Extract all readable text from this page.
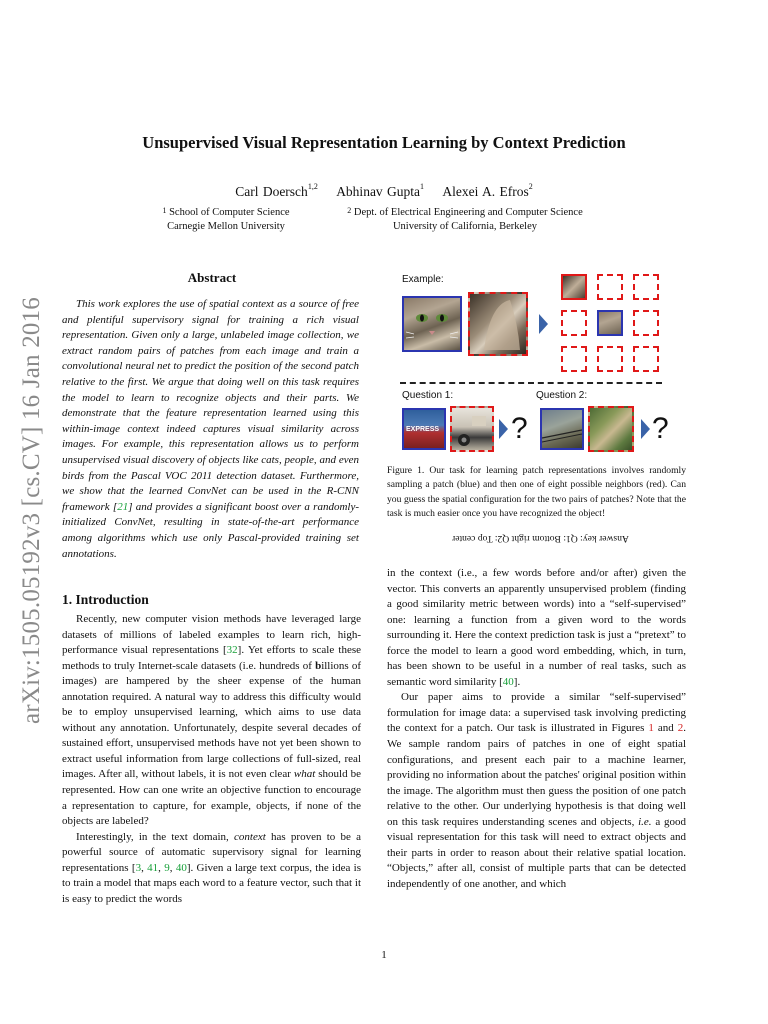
arXiv:1505.05192v3 [cs.CV] 16 Jan 2016
Unsupervised Visual Representation Learning by Context Prediction
Carl Doersch$^{1,2}$ Abhinav Gupta$^1$ Alexei A. Efros$^2$
$^1$ School of Computer Science
Carnegie Mellon University
$^2$ Dept. of Electrical Engineering and Computer Science
University of California, Berkeley
Abstract

This work explores the use of spatial context as a source of free and plentiful supervisory signal for training a rich visual representation. Given only a large, unlabeled image collection, we extract random pairs of patches from each image and train a convolutional neural net to predict the position of the second patch relative to the first. We argue that doing well on this task requires the model to learn to recognize objects and their parts. We demonstrate that the feature representation learned using this within-image context indeed captures visual similarity across images. For example, this representation allows us to perform unsupervised visual discovery of objects like cats, people, and even birds from the Pascal VOC 2011 detection dataset. Furthermore, we show that the learned ConvNet can be used in the R-CNN framework [21] and provides a significant boost over a randomly-initialized ConvNet, resulting in state-of-the-art performance among algorithms which use only Pascal-provided training set annotations.

1. Introduction

Recently, new computer vision methods have leveraged large datasets of millions of labeled examples to learn rich, high-performance visual representations [32]. Yet efforts to scale these methods to truly Internet-scale datasets (i.e. hundreds of billions of images) are hampered by the sheer expense of the human annotation required. A natural way to address this difficulty would be to employ unsupervised learning, which aims to use data without any annotation. Unfortunately, despite several decades of sustained effort, unsupervised methods have not yet been shown to extract useful information from large collections of full-sized, real images. After all, without labels, it is not even clear what should be represented. How can one write an objective function to encourage a representation to capture, for example, objects, if none of the objects are labeled?

Interestingly, in the text domain, context has proven to be a powerful source of automatic supervisory signal for learning representations [3, 41, 9, 40]. Given a large text corpus, the idea is to train a model that maps each word to a feature vector, such that it is easy to predict the words

Example:
Question 1:	Question 2:
EXPRESS ?	?
Figure 1. Our task for learning patch representations involves randomly sampling a patch (blue) and then one of eight possible neighbors (red). Can you guess the spatial configuration for the two pairs of patches? Note that the task is much easier once you have recognized the object!
Answer key: Q1: Bottom right Q2: Top center

in the context (i.e., a few words before and/or after) given the vector. This converts an apparently unsupervised problem (finding a good similarity metric between words) into a “self-supervised” one: learning a function from a given word to the words surrounding it. Here the context prediction task is just a “pretext” to force the model to learn a good word embedding, which, in turn, has been shown to be useful in a number of real tasks, such as semantic word similarity [40].

Our paper aims to provide a similar “self-supervised” formulation for image data: a supervised task involving predicting the context for a patch. Our task is illustrated in Figures 1 and 2. We sample random pairs of patches in one of eight spatial configurations, and present each pair to a machine learner, providing no information about the patches' original position within the image. The algorithm must then guess the position of one patch relative to the other. Our underlying hypothesis is that doing well on this task requires understanding scenes and objects, i.e. a good visual representation for this task will need to extract objects and their parts in order to reason about their relative spatial location. “Objects,” after all, consist of multiple parts that can be detected independently of one another, and which

1
